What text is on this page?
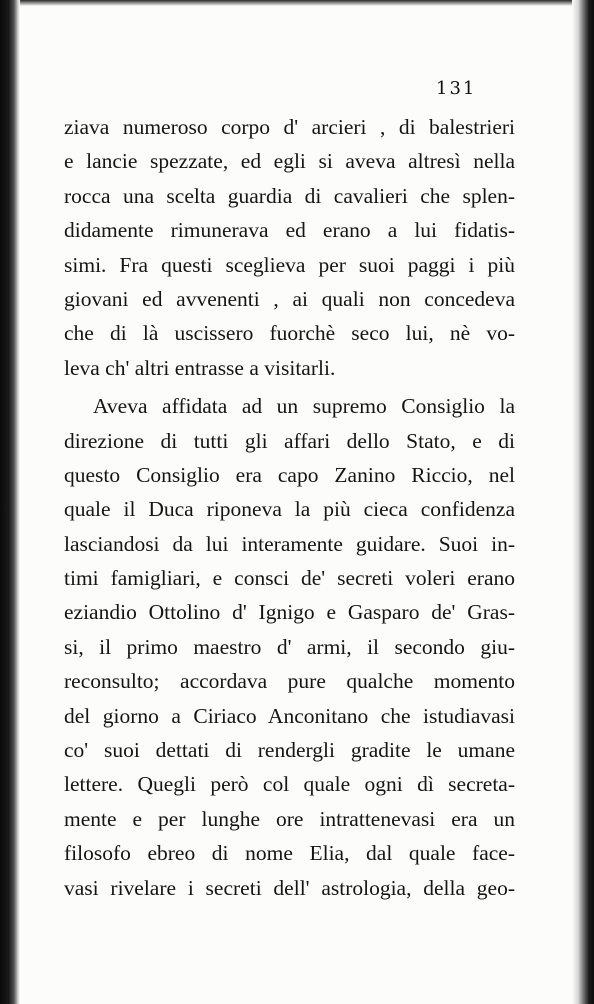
131
ziava numeroso corpo d' arcieri , di balestrieri
e lancie spezzate, ed egli si aveva altresì nella
rocca una scelta guardia di cavalieri che splen-
didamente rimunerava ed erano a lui fidatis-
simi. Fra questi sceglieva per suoi paggi i più
giovani ed avvenenti , ai quali non concedeva
che di là uscissero fuorchè seco lui, nè vo-
leva ch' altri entrasse a visitarli.
Aveva affidata ad un supremo Consiglio la
direzione di tutti gli affari dello Stato, e di
questo Consiglio era capo Zanino Riccio, nel
quale il Duca riponeva la più cieca confidenza
lasciandosi da lui interamente guidare. Suoi in-
timi famigliari, e consci de' secreti voleri erano
eziandio Ottolino d' Ignigo e Gasparo de' Gras-
si, il primo maestro d' armi, il secondo giu-
reconsulto; accordava pure qualche momento
del giorno a Ciriaco Anconitano che istudiavasi
co' suoi dettati di rendergli gradite le umane
lettere. Quegli però col quale ogni dì secreta-
mente e per lunghe ore intrattenevasi era un
filosofo ebreo di nome Elia, dal quale face-
vasi rivelare i secreti dell' astrologia, della geo-
